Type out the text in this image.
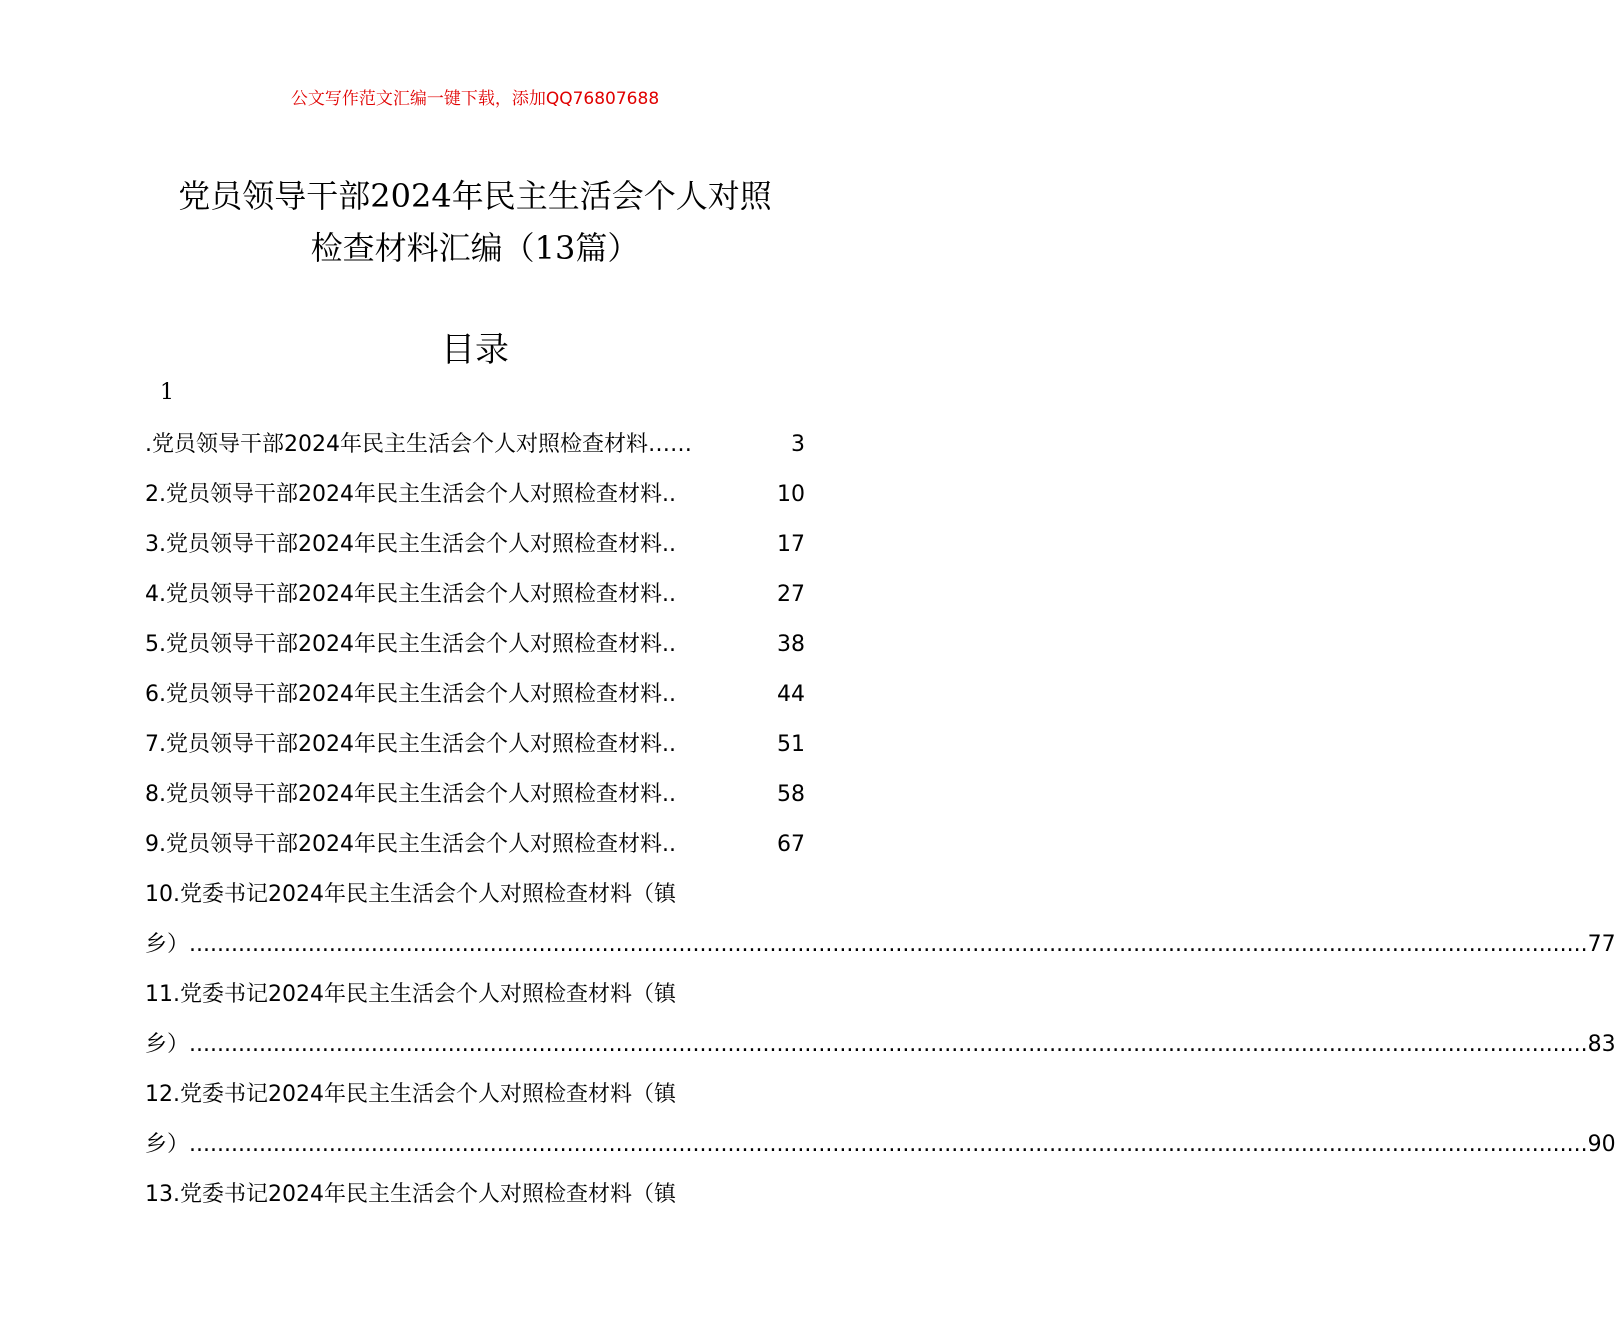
公文写作范文汇编一键下载，添加QQ76807688
党员领导干部2024年民主生活会个人对照
检查材料汇编（13篇）
目录
1
.党员领导干部2024年民主生活会个人对照检查材料 ……	3
2.党员领导干部2024年民主生活会个人对照检查材料 ..	10
3.党员领导干部2024年民主生活会个人对照检查材料 ..	17
4.党员领导干部2024年民主生活会个人对照检查材料 ..	27
5.党员领导干部2024年民主生活会个人对照检查材料 ..	38
6.党员领导干部2024年民主生活会个人对照检查材料 ..	44
7.党员领导干部2024年民主生活会个人对照检查材料 ..	51
8.党员领导干部2024年民主生活会个人对照检查材料 ..	58
9.党员领导干部2024年民主生活会个人对照检查材料 ..	67
10.党委书记2024年民主生活会个人对照检查材料（镇
乡） ........................................................................................................................................................................................................ 77
11.党委书记2024年民主生活会个人对照检查材料（镇
乡） ........................................................................................................................................................................................................ 83
12.党委书记2024年民主生活会个人对照检查材料（镇
乡） ........................................................................................................................................................................................................ 90
13.党委书记2024年民主生活会个人对照检查材料（镇
